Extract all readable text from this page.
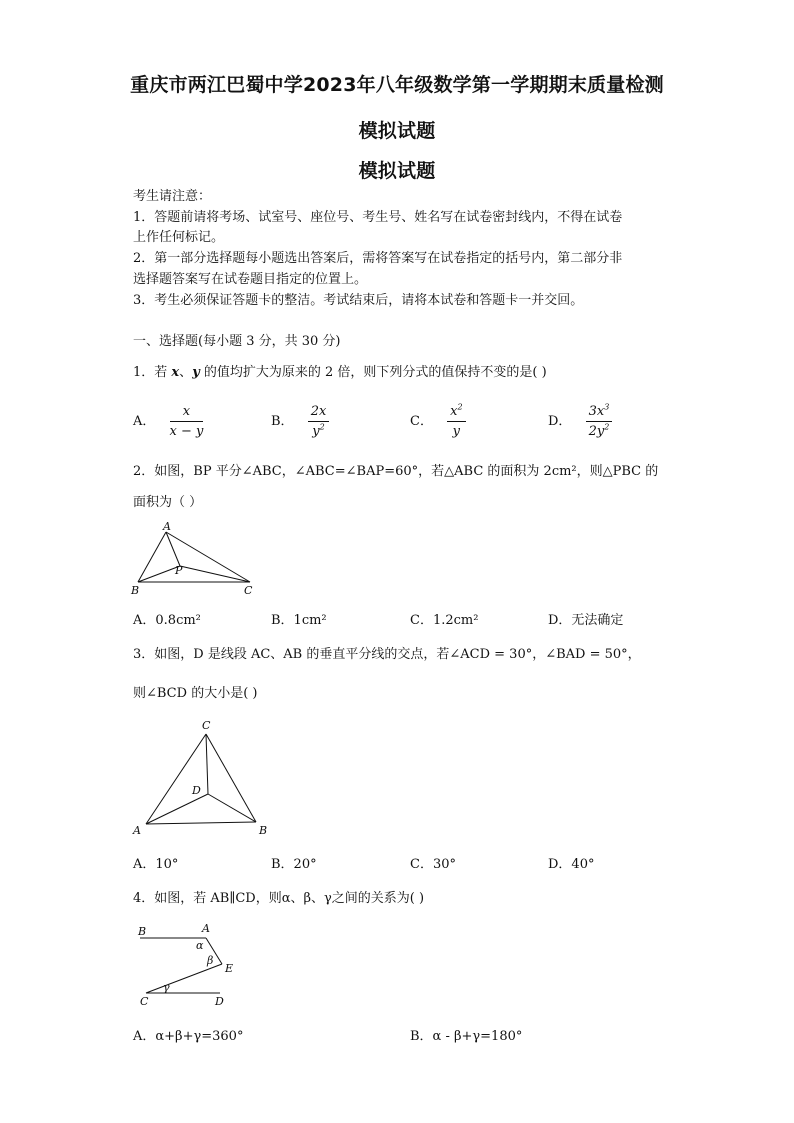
重庆市两江巴蜀中学2023年八年级数学第一学期期末质量检测
模拟试题
模拟试题
考生请注意：
1．答题前请将考场、试室号、座位号、考生号、姓名写在试卷密封线内，不得在试卷
上作任何标记。
2．第一部分选择题每小题选出答案后，需将答案写在试卷指定的括号内，第二部分非
选择题答案写在试卷题目指定的位置上。
3．考生必须保证答题卡的整洁。考试结束后，请将本试卷和答题卡一并交回。
一、选择题(每小题 3 分，共 30 分)
1．若 x、y 的值均扩大为原来的 2 倍，则下列分式的值保持不变的是( )
A． $\frac{x}{x - y}$	B． $\frac{2x}{y^2}$	C． $\frac{x^2}{y}$	D． $\frac{3x^3}{2y^2}$
2．如图，BP 平分∠ABC，∠ABC=∠BAP=60°，若△ABC 的面积为 2cm²，则△PBC 的
面积为（ ）
A
B	C
P
A．0.8cm²	B．1cm²	C．1.2cm²	D．无法确定
3．如图，D 是线段 AC、AB 的垂直平分线的交点，若∠ACD = 30°，∠BAD = 50°，
则∠BCD 的大小是( )
C
A	B
D
A．10°	B．20°	C．30°	D．40°
4．如图，若 AB∥CD，则α、β、γ之间的关系为( )
B	A
α
β
E
γ
C	D
A．α+β+γ=360°	B．α - β+γ=180°
